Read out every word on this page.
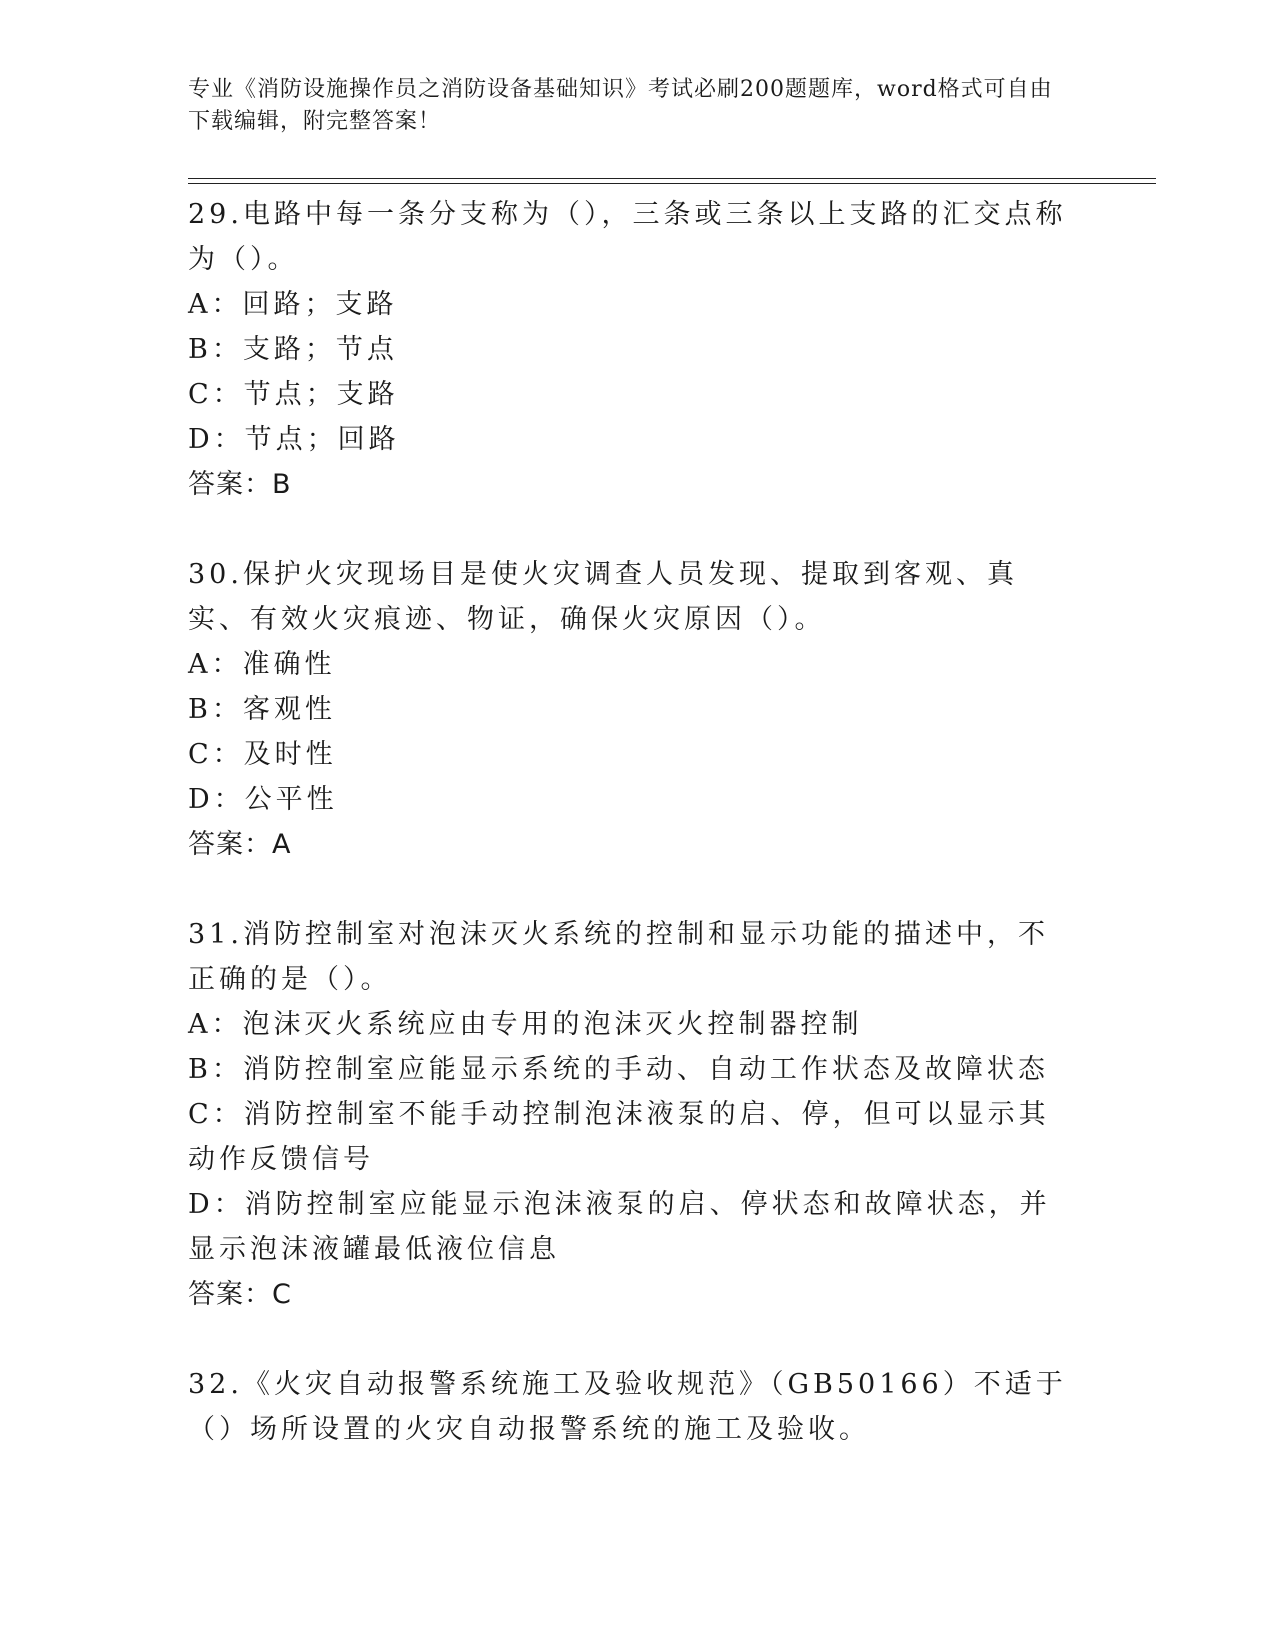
专业《消防设施操作员之消防设备基础知识》考试必刷200题题库，word格式可自由下载编辑，附完整答案！

29.电路中每一条分支称为（），三条或三条以上支路的汇交点称为（）。

A：回路；支路

B：支路；节点

C：节点；支路

D：节点；回路

答案：B

30.保护火灾现场目是使火灾调查人员发现、提取到客观、真实、有效火灾痕迹、物证，确保火灾原因（）。

A：准确性

B：客观性

C：及时性

D：公平性

答案：A

31.消防控制室对泡沫灭火系统的控制和显示功能的描述中，不正确的是（）。

A：泡沫灭火系统应由专用的泡沫灭火控制器控制

B：消防控制室应能显示系统的手动、自动工作状态及故障状态

C：消防控制室不能手动控制泡沫液泵的启、停，但可以显示其动作反馈信号

D：消防控制室应能显示泡沫液泵的启、停状态和故障状态，并显示泡沫液罐最低液位信息

答案：C

32.《火灾自动报警系统施工及验收规范》（GB50166）不适于（）场所设置的火灾自动报警系统的施工及验收。
